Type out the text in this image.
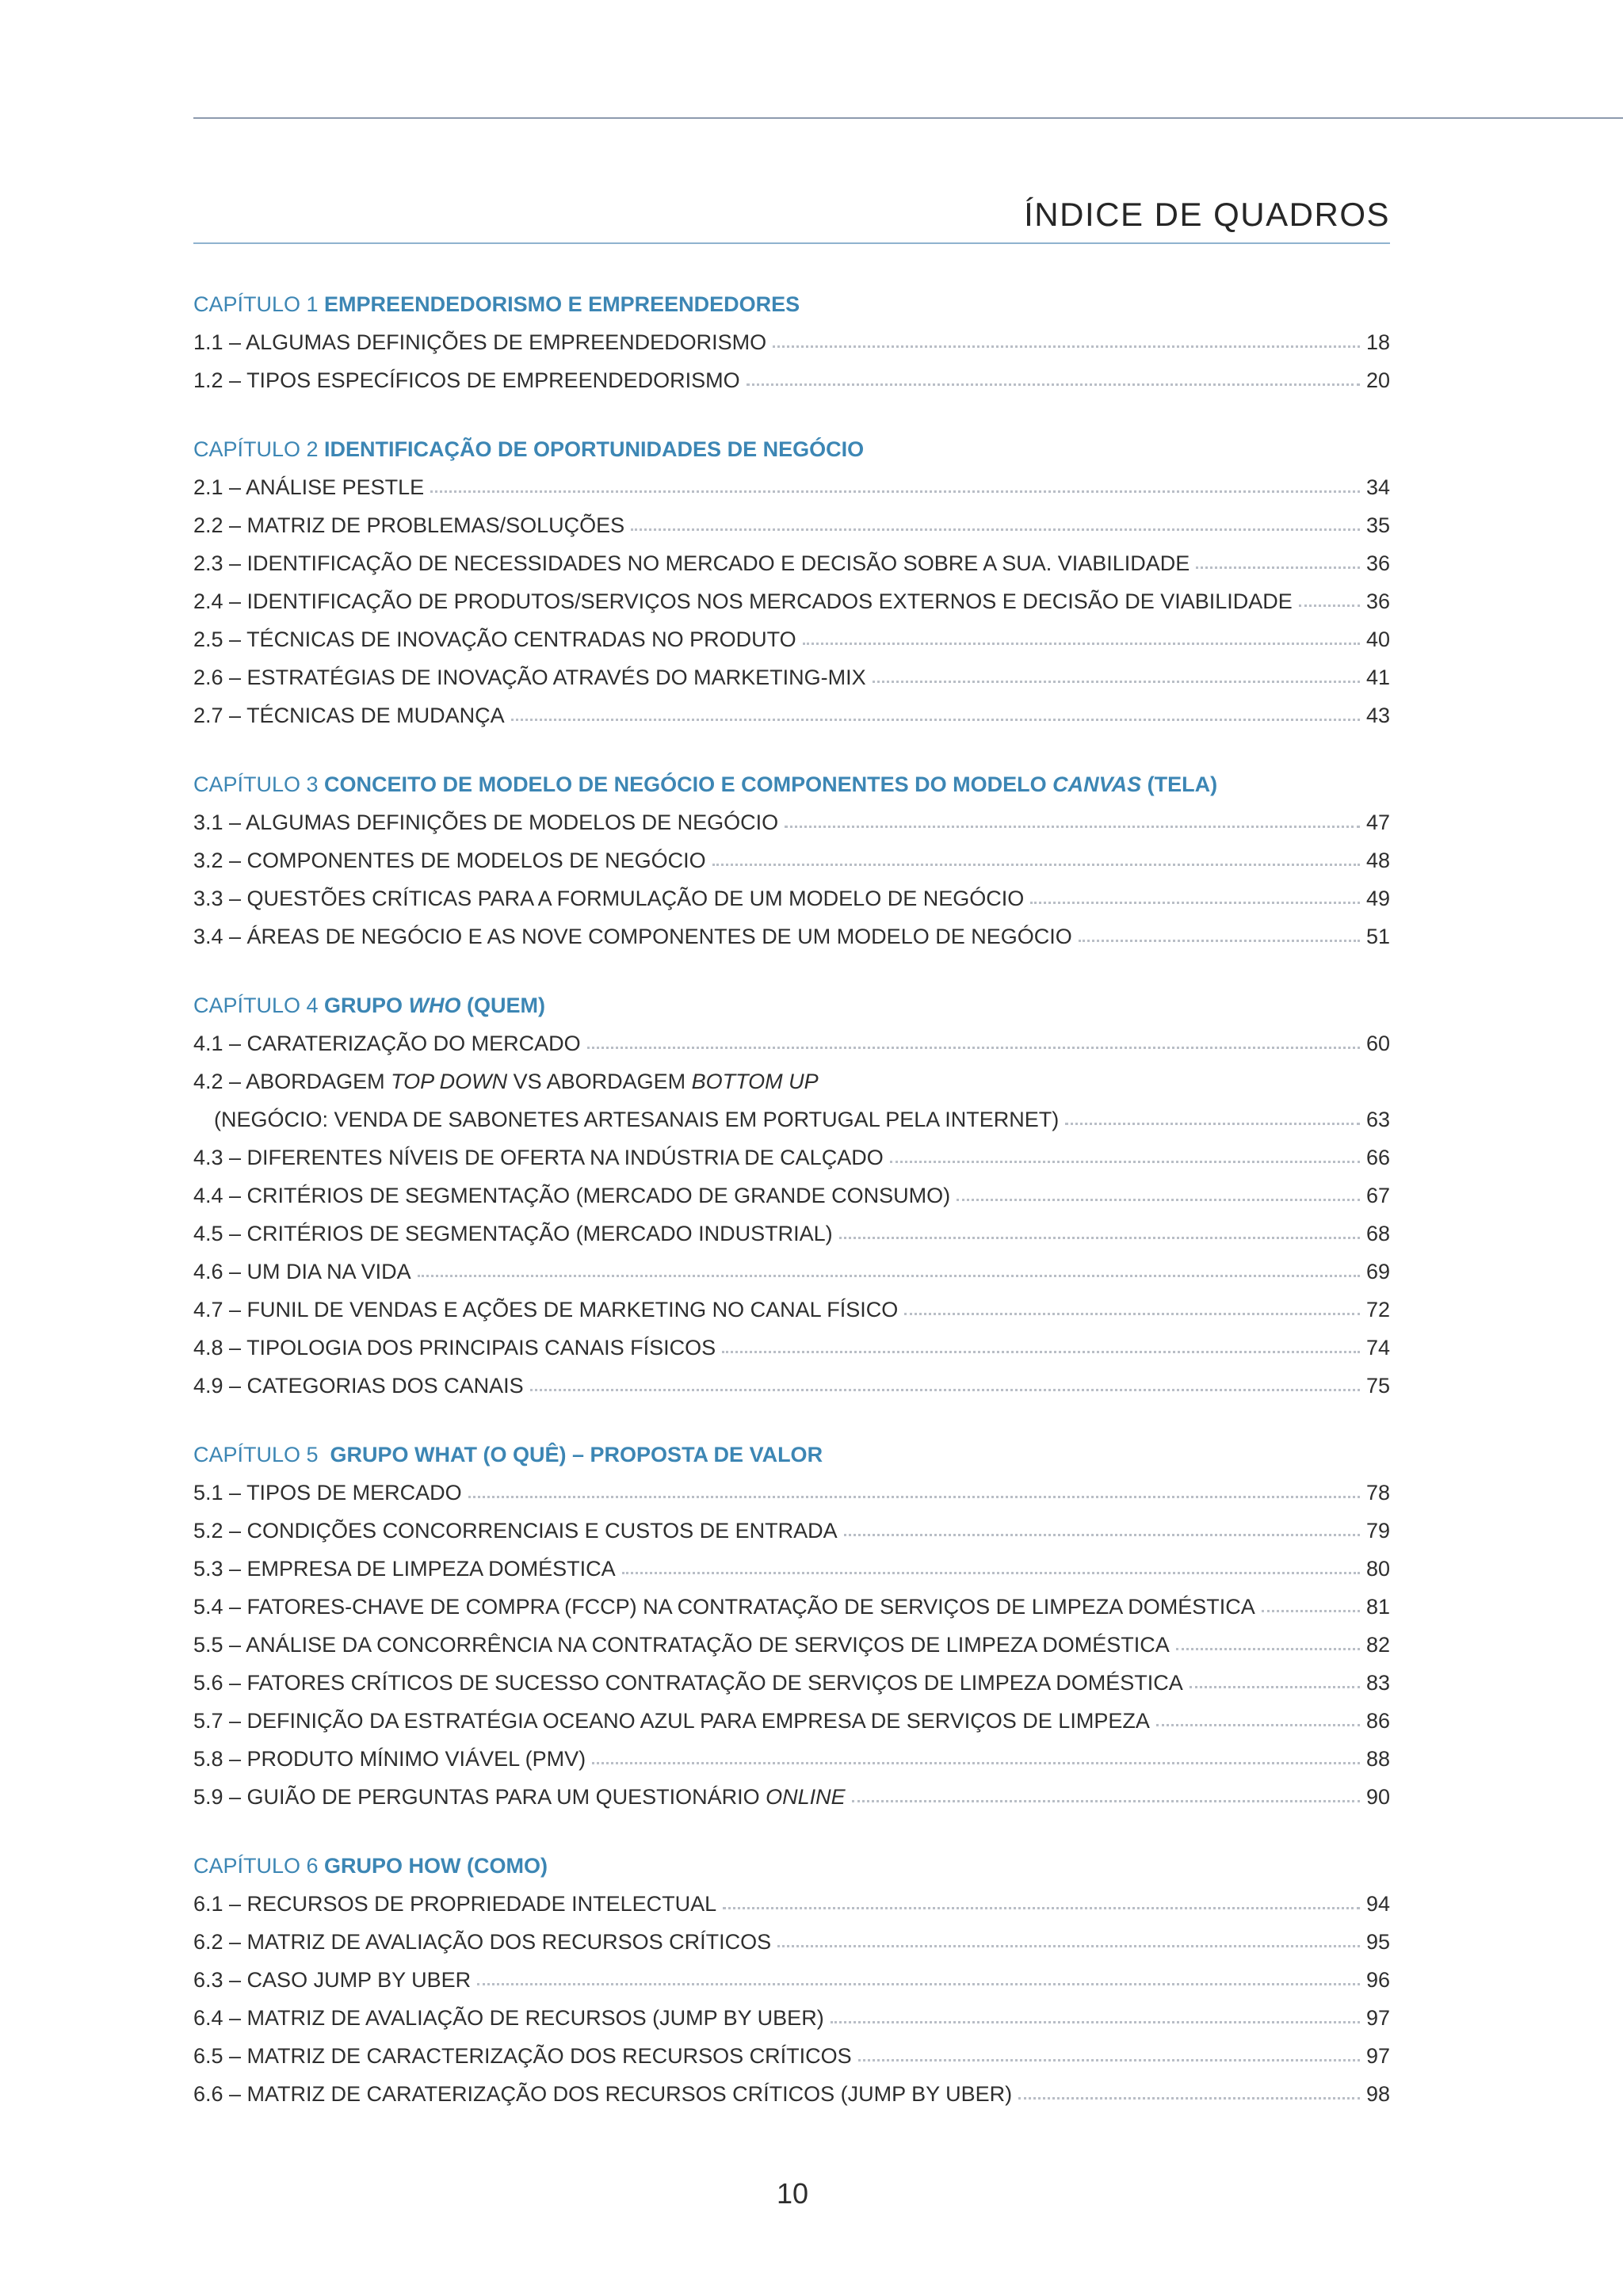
ÍNDICE DE QUADROS
CAPÍTULO 1 EMPREENDEDORISMO E EMPREENDEDORES
1.1 – ALGUMAS DEFINIÇÕES DE EMPREENDEDORISMO	18
1.2 – TIPOS ESPECÍFICOS DE EMPREENDEDORISMO	20
CAPÍTULO 2 IDENTIFICAÇÃO DE OPORTUNIDADES DE NEGÓCIO
2.1 – ANÁLISE PESTLE	34
2.2 – MATRIZ DE PROBLEMAS/SOLUÇÕES	35
2.3 – IDENTIFICAÇÃO DE NECESSIDADES NO MERCADO E DECISÃO SOBRE A SUA. VIABILIDADE	36
2.4 – IDENTIFICAÇÃO DE PRODUTOS/SERVIÇOS NOS MERCADOS EXTERNOS E DECISÃO DE VIABILIDADE	36
2.5 – TÉCNICAS DE INOVAÇÃO CENTRADAS NO PRODUTO	40
2.6 – ESTRATÉGIAS DE INOVAÇÃO ATRAVÉS DO MARKETING-MIX	41
2.7 – TÉCNICAS DE MUDANÇA	43
CAPÍTULO 3 CONCEITO DE MODELO DE NEGÓCIO E COMPONENTES DO MODELO CANVAS (TELA)
3.1 – ALGUMAS DEFINIÇÕES DE MODELOS DE NEGÓCIO	47
3.2 – COMPONENTES DE MODELOS DE NEGÓCIO	48
3.3 – QUESTÕES CRÍTICAS PARA A FORMULAÇÃO DE UM MODELO DE NEGÓCIO	49
3.4 – ÁREAS DE NEGÓCIO E AS NOVE COMPONENTES DE UM MODELO DE NEGÓCIO	51
CAPÍTULO 4 GRUPO WHO (QUEM)
4.1 – CARATERIZAÇÃO DO MERCADO	60
4.2 – ABORDAGEM TOP DOWN VS ABORDAGEM BOTTOM UP
(NEGÓCIO: VENDA DE SABONETES ARTESANAIS EM PORTUGAL PELA INTERNET)	63
4.3 – DIFERENTES NÍVEIS DE OFERTA NA INDÚSTRIA DE CALÇADO	66
4.4 – CRITÉRIOS DE SEGMENTAÇÃO (MERCADO DE GRANDE CONSUMO)	67
4.5 – CRITÉRIOS DE SEGMENTAÇÃO (MERCADO INDUSTRIAL)	68
4.6 – UM DIA NA VIDA	69
4.7 – FUNIL DE VENDAS E AÇÕES DE MARKETING NO CANAL FÍSICO	72
4.8 – TIPOLOGIA DOS PRINCIPAIS CANAIS FÍSICOS	74
4.9 – CATEGORIAS DOS CANAIS	75
CAPÍTULO 5  GRUPO WHAT (O QUÊ) – PROPOSTA DE VALOR
5.1 – TIPOS DE MERCADO	78
5.2 – CONDIÇÕES CONCORRENCIAIS E CUSTOS DE ENTRADA	79
5.3 – EMPRESA DE LIMPEZA DOMÉSTICA	80
5.4 – FATORES-CHAVE DE COMPRA (FCCP) NA CONTRATAÇÃO DE SERVIÇOS DE LIMPEZA DOMÉSTICA	81
5.5 – ANÁLISE DA CONCORRÊNCIA NA CONTRATAÇÃO DE SERVIÇOS DE LIMPEZA DOMÉSTICA	82
5.6 – FATORES CRÍTICOS DE SUCESSO CONTRATAÇÃO DE SERVIÇOS DE LIMPEZA DOMÉSTICA	83
5.7 – DEFINIÇÃO DA ESTRATÉGIA OCEANO AZUL PARA EMPRESA DE SERVIÇOS DE LIMPEZA	86
5.8 – PRODUTO MÍNIMO VIÁVEL (PMV)	88
5.9 – GUIÃO DE PERGUNTAS PARA UM QUESTIONÁRIO ONLINE	90
CAPÍTULO 6 GRUPO HOW (COMO)
6.1 – RECURSOS DE PROPRIEDADE INTELECTUAL	94
6.2 – MATRIZ DE AVALIAÇÃO DOS RECURSOS CRÍTICOS	95
6.3 – CASO JUMP BY UBER	96
6.4 – MATRIZ DE AVALIAÇÃO DE RECURSOS (JUMP BY UBER)	97
6.5 – MATRIZ DE CARACTERIZAÇÃO DOS RECURSOS CRÍTICOS	97
6.6 – MATRIZ DE CARATERIZAÇÃO DOS RECURSOS CRÍTICOS (JUMP BY UBER)	98
10
